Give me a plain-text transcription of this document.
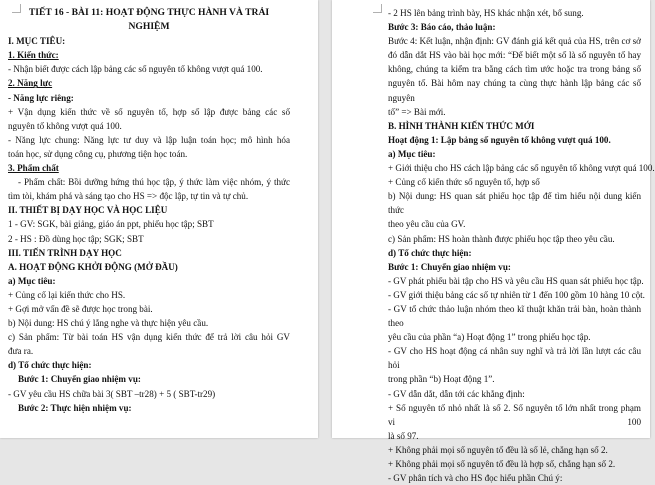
TIẾT 16 - BÀI 11: HOẠT ĐỘNG THỰC HÀNH VÀ TRẢI
NGHIỆM
I. MỤC TIÊU:
1. Kiến thức:
- Nhận biết được cách lập bảng các số nguyên tố không vượt quá 100.
2. Năng lực
- Năng lực riêng:
+ Vận dụng kiến thức về số nguyên tố, hợp số lập được bảng các số
nguyên tố không vượt quá 100.
- Năng lực chung: Năng lực tư duy và lập luận toán học; mô hình hóa
toán học, sử dụng công cụ, phương tiện học toán.
3. Phẩm chất
- Phẩm chất: Bồi dưỡng hứng thú học tập, ý thức làm việc nhóm, ý thức
tìm tòi, khám phá và sáng tạo cho HS => độc lập, tự tin và tự chủ.
II. THIẾT BỊ DẠY HỌC VÀ HỌC LIỆU
1 - GV: SGK, bài giảng, giáo án ppt, phiếu học tập; SBT
2 - HS : Đồ dùng học tập; SGK; SBT
III. TIẾN TRÌNH DẠY HỌC
A. HOẠT ĐỘNG KHỞI ĐỘNG (MỞ ĐẦU)
a) Mục tiêu:
+ Củng cố lại kiến thức cho HS.
+ Gợi mở vấn đề sẽ được học trong bài.
b) Nội dung: HS chú ý lắng nghe và thực hiện yêu cầu.
c) Sản phẩm: Từ bài toán HS vận dụng kiến thức để trả lời câu hỏi GV
đưa ra.
d) Tổ chức thực hiện:
Bước 1: Chuyển giao nhiệm vụ:
- GV yêu cầu HS chữa bài 3( SBT –tr28) + 5 ( SBT-tr29)
Bước 2: Thực hiện nhiệm vụ:
- 2 HS lên bảng trình bày, HS khác nhận xét, bổ sung.
Bước 3: Báo cáo, thảo luận:
Bước 4: Kết luận, nhận định: GV đánh giá kết quả của HS, trên cơ sở
đó dẫn dắt HS vào bài học mới: “Để biết một số là số nguyên tố hay
không, chúng ta kiểm tra bằng cách tìm ước hoặc tra trong bảng số
nguyên tố. Bài hôm nay chúng ta cùng thực hành lập bảng các số nguyên
tố” => Bài mới.
B. HÌNH THÀNH KIẾN THỨC MỚI
Hoạt động 1: Lập bảng số nguyên tố không vượt quá 100.
a) Mục tiêu:
+ Giới thiệu cho HS cách lập bảng các số nguyên tố không vượt quá 100.
+ Củng cố kiến thức số nguyên tố, hợp số
b) Nội dung: HS quan sát phiếu học tập để tìm hiểu nội dung kiến thức
theo yêu cầu của GV.
c) Sản phẩm: HS hoàn thành được phiếu học tập theo yêu cầu.
d) Tổ chức thực hiện:
Bước 1: Chuyển giao nhiệm vụ:
- GV phát phiếu bài tập cho HS và yêu cầu HS quan sát phiếu học tập.
- GV giới thiệu bảng các số tự nhiên từ 1 đến 100 gồm 10 hàng 10 cột.
- GV tổ chức thảo luận nhóm theo kĩ thuật khăn trải bàn, hoàn thành theo
yêu cầu của phần “a) Hoạt động 1” trong phiếu học tập.
- GV cho HS hoạt động cá nhân suy nghĩ và trả lời lần lượt các câu hỏi
trong phần “b) Hoạt động 1”.
- GV dẫn dắt, dẫn tới các khẳng định:
+ Số nguyên tố nhỏ nhất là số 2. Số nguyên tố lớn nhất trong phạm vi 100
là số 97.
+ Không phải mọi số nguyên tố đều là số lẻ, chẳng hạn số 2.
+ Không phải mọi số nguyên tố đều là hợp số, chẳng hạn số 2.
- GV phân tích và cho HS đọc hiểu phần Chú ý:
